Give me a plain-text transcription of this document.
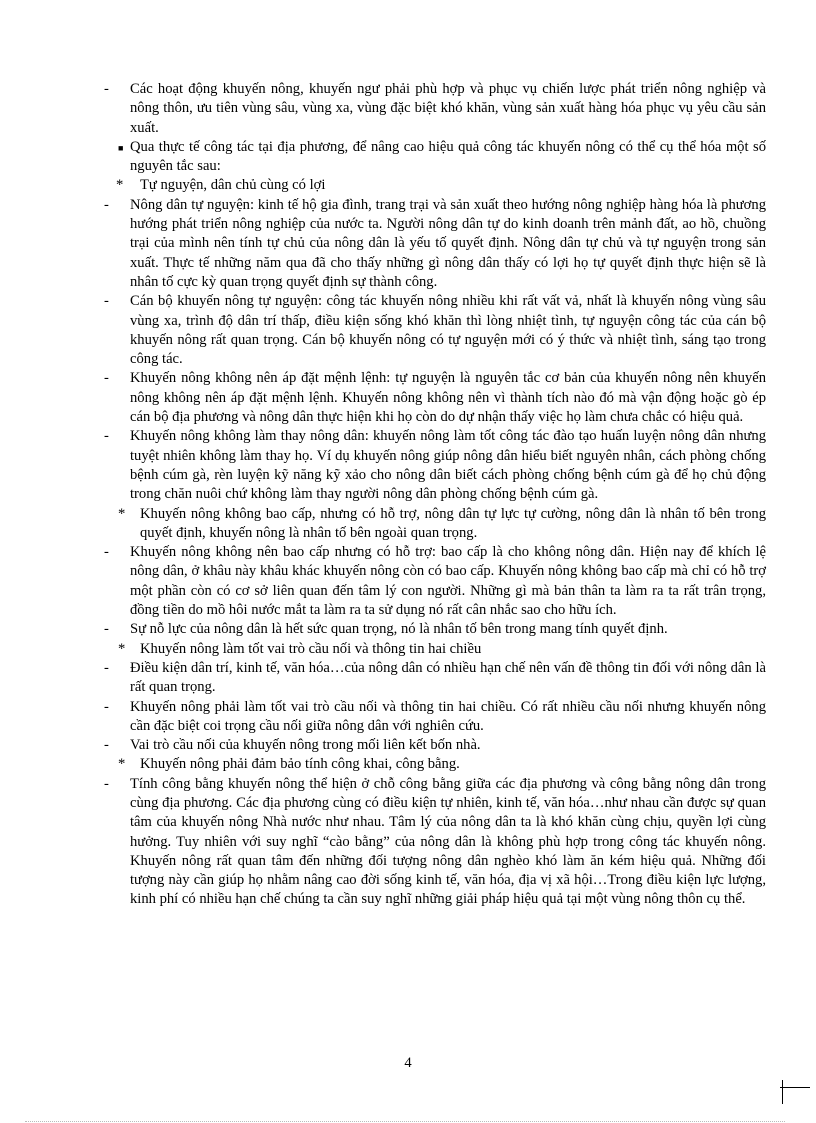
-	Các hoạt động khuyến nông, khuyến ngư phải phù hợp và phục vụ chiến lược phát triển nông nghiệp và nông thôn, ưu tiên vùng sâu, vùng xa, vùng đặc biệt khó khăn, vùng sản xuất hàng hóa phục vụ yêu cầu sản xuất.
■ Qua thực tế công tác tại địa phương, để nâng cao hiệu quả công tác khuyến nông có thể cụ thể hóa một số nguyên tắc sau:
*	Tự nguyện, dân chủ cùng có lợi
-	Nông dân tự nguyện: kinh tế hộ gia đình, trang trại và sản xuất theo hướng nông nghiệp hàng hóa là phương hướng phát triển nông nghiệp của nước ta. Người nông dân tự do kinh doanh trên mảnh đất, ao hồ, chuồng trại của mình nên tính tự chủ của nông dân là yếu tố quyết định. Nông dân tự chủ và tự nguyện trong sản xuất. Thực tế những năm qua đã cho thấy những gì nông dân thấy có lợi họ tự quyết định thực hiện sẽ là nhân tố cực kỳ quan trọng quyết định sự thành công.
-	Cán bộ khuyến nông tự nguyện: công tác khuyến nông nhiều khi rất vất vả, nhất là khuyến nông vùng sâu vùng xa, trình độ dân trí thấp, điều kiện sống khó khăn thì lòng nhiệt tình, tự nguyện công tác của cán bộ khuyến nông rất quan trọng. Cán bộ khuyến nông có tự nguyện mới có ý thức và nhiệt tình, sáng tạo trong công tác.
-	Khuyến nông không nên áp đặt mệnh lệnh: tự nguyện là nguyên tắc cơ bản của khuyến nông nên khuyến nông không nên áp đặt mệnh lệnh. Khuyến nông không nên vì thành tích nào đó mà vận động hoặc gò ép cán bộ địa phương và nông dân thực hiện khi họ còn do dự nhận thấy việc họ làm chưa chắc có hiệu quả.
-	Khuyến nông không làm thay nông dân: khuyến nông làm tốt công tác đào tạo huấn luyện nông dân nhưng tuyệt nhiên không làm thay họ. Ví dụ khuyến nông giúp nông dân hiểu biết nguyên nhân, cách phòng chống bệnh cúm gà, rèn luyện kỹ năng kỹ xảo cho nông dân biết cách phòng chống bệnh cúm gà để họ chủ động trong chăn nuôi chứ không làm thay người nông dân phòng chống bệnh cúm gà.
*	Khuyến nông không bao cấp, nhưng có hỗ trợ, nông dân tự lực tự cường, nông dân là nhân tố bên trong quyết định, khuyến nông là nhân tố bên ngoài quan trọng.
-	Khuyến nông không nên bao cấp nhưng có hỗ trợ: bao cấp là cho không nông dân. Hiện nay để khích lệ nông dân, ở khâu này khâu khác khuyến nông còn có bao cấp. Khuyến nông không bao cấp mà chỉ có hỗ trợ một phần còn có cơ sở liên quan đến tâm lý con người. Những gì mà bản thân ta làm ra ta rất trân trọng, đồng tiền do mồ hôi nước mắt ta làm ra ta sử dụng nó rất cân nhắc sao cho hữu ích.
-	Sự nỗ lực của nông dân là hết sức quan trọng, nó là nhân tố bên trong mang tính quyết định.
*	Khuyến nông làm tốt vai trò cầu nối và thông tin hai chiều
-	Điều kiện dân trí, kinh tế, văn hóa…của nông dân có nhiều hạn chế nên vấn đề thông tin đối với nông dân là rất quan trọng.
-	Khuyến nông phải làm tốt vai trò cầu nối và thông tin hai chiều. Có rất nhiều cầu nối nhưng khuyến nông cần đặc biệt coi trọng cầu nối giữa nông dân với nghiên cứu.
-	Vai trò cầu nối của khuyến nông trong mối liên kết bốn nhà.
*	Khuyến nông phải đảm bảo tính công khai, công bằng.
-	Tính công bằng khuyến nông thể hiện ở chỗ công bằng giữa các địa phương và công bằng nông dân trong cùng địa phương. Các địa phương cùng có điều kiện tự nhiên, kinh tế, văn hóa…như nhau cần được sự quan tâm của khuyến nông Nhà nước như nhau. Tâm lý của nông dân ta là khó khăn cùng chịu, quyền lợi cùng hưởng. Tuy nhiên với suy nghĩ “cào bằng” của nông dân là không phù hợp trong công tác khuyến nông. Khuyến nông rất quan tâm đến những đối tượng nông dân nghèo khó làm ăn kém hiệu quả. Những đối tượng này cần giúp họ nhằm nâng cao đời sống kinh tế, văn hóa, địa vị xã hội…Trong điều kiện lực lượng, kinh phí có nhiều hạn chế chúng ta cần suy nghĩ những giải pháp hiệu quả tại một vùng nông thôn cụ thể.
4
